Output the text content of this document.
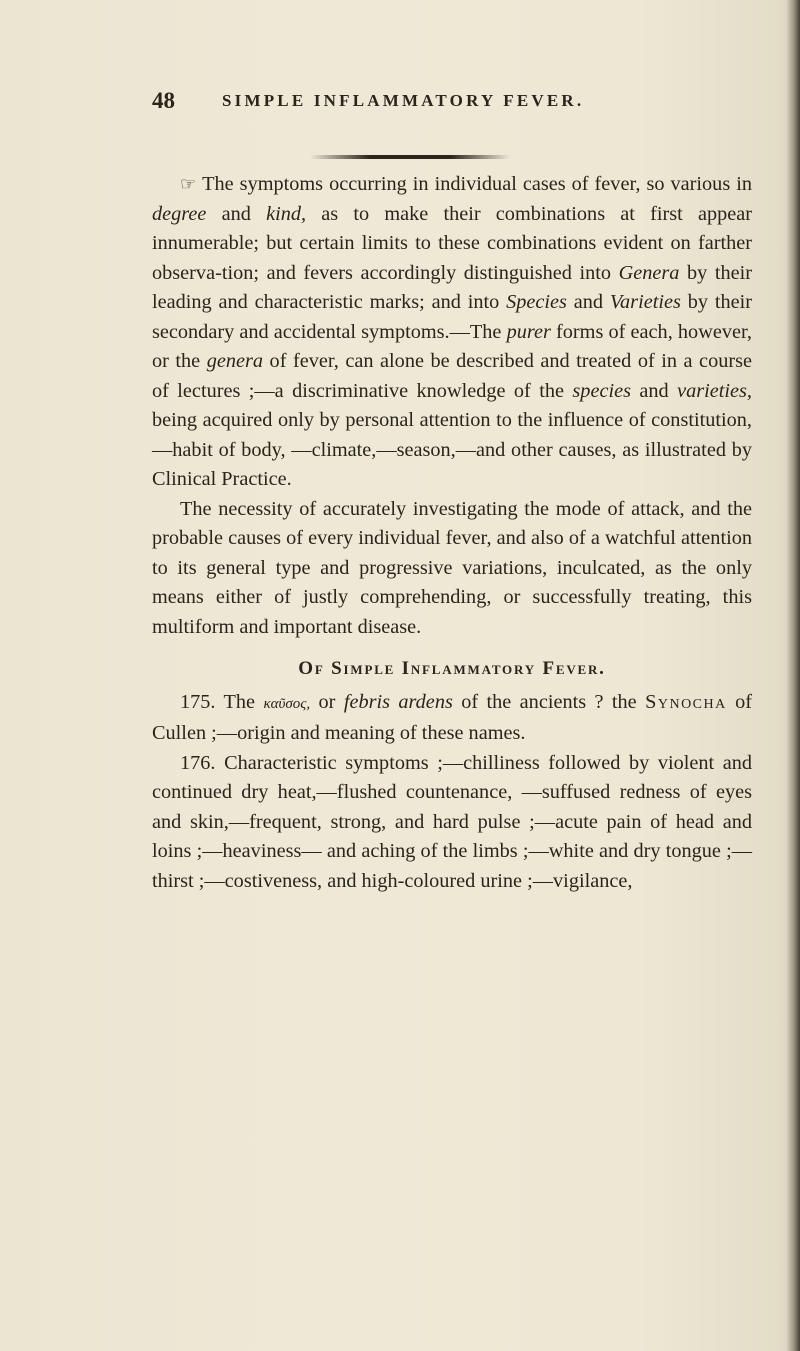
48	SIMPLE INFLAMMATORY FEVER.

☞ The symptoms occurring in individual cases of fever, so various in degree and kind, as to make their combinations at first appear innumerable; but certain limits to these combinations evident on farther observa-tion; and fevers accordingly distinguished into Genera by their leading and characteristic marks; and into Species and Varieties by their secondary and accidental symptoms.—The purer forms of each, however, or the genera of fever, can alone be described and treated of in a course of lectures ;—a discriminative knowledge of the species and varieties, being acquired only by personal attention to the influence of constitution,—habit of body, —climate,—season,—and other causes, as illustrated by Clinical Practice.

The necessity of accurately investigating the mode of attack, and the probable causes of every individual fever, and also of a watchful attention to its general type and progressive variations, inculcated, as the only means either of justly comprehending, or successfully treating, this multiform and important disease.

Of Simple Inflammatory Fever.

175. The καῦσος, or febris ardens of the ancients ? the Synocha of Cullen ;—origin and meaning of these names.

176. Characteristic symptoms ;—chilliness followed by violent and continued dry heat,—flushed countenance, —suffused redness of eyes and skin,—frequent, strong, and hard pulse ;—acute pain of head and loins ;—heaviness— and aching of the limbs ;—white and dry tongue ;— thirst ;—costiveness, and high-coloured urine ;—vigilance,
